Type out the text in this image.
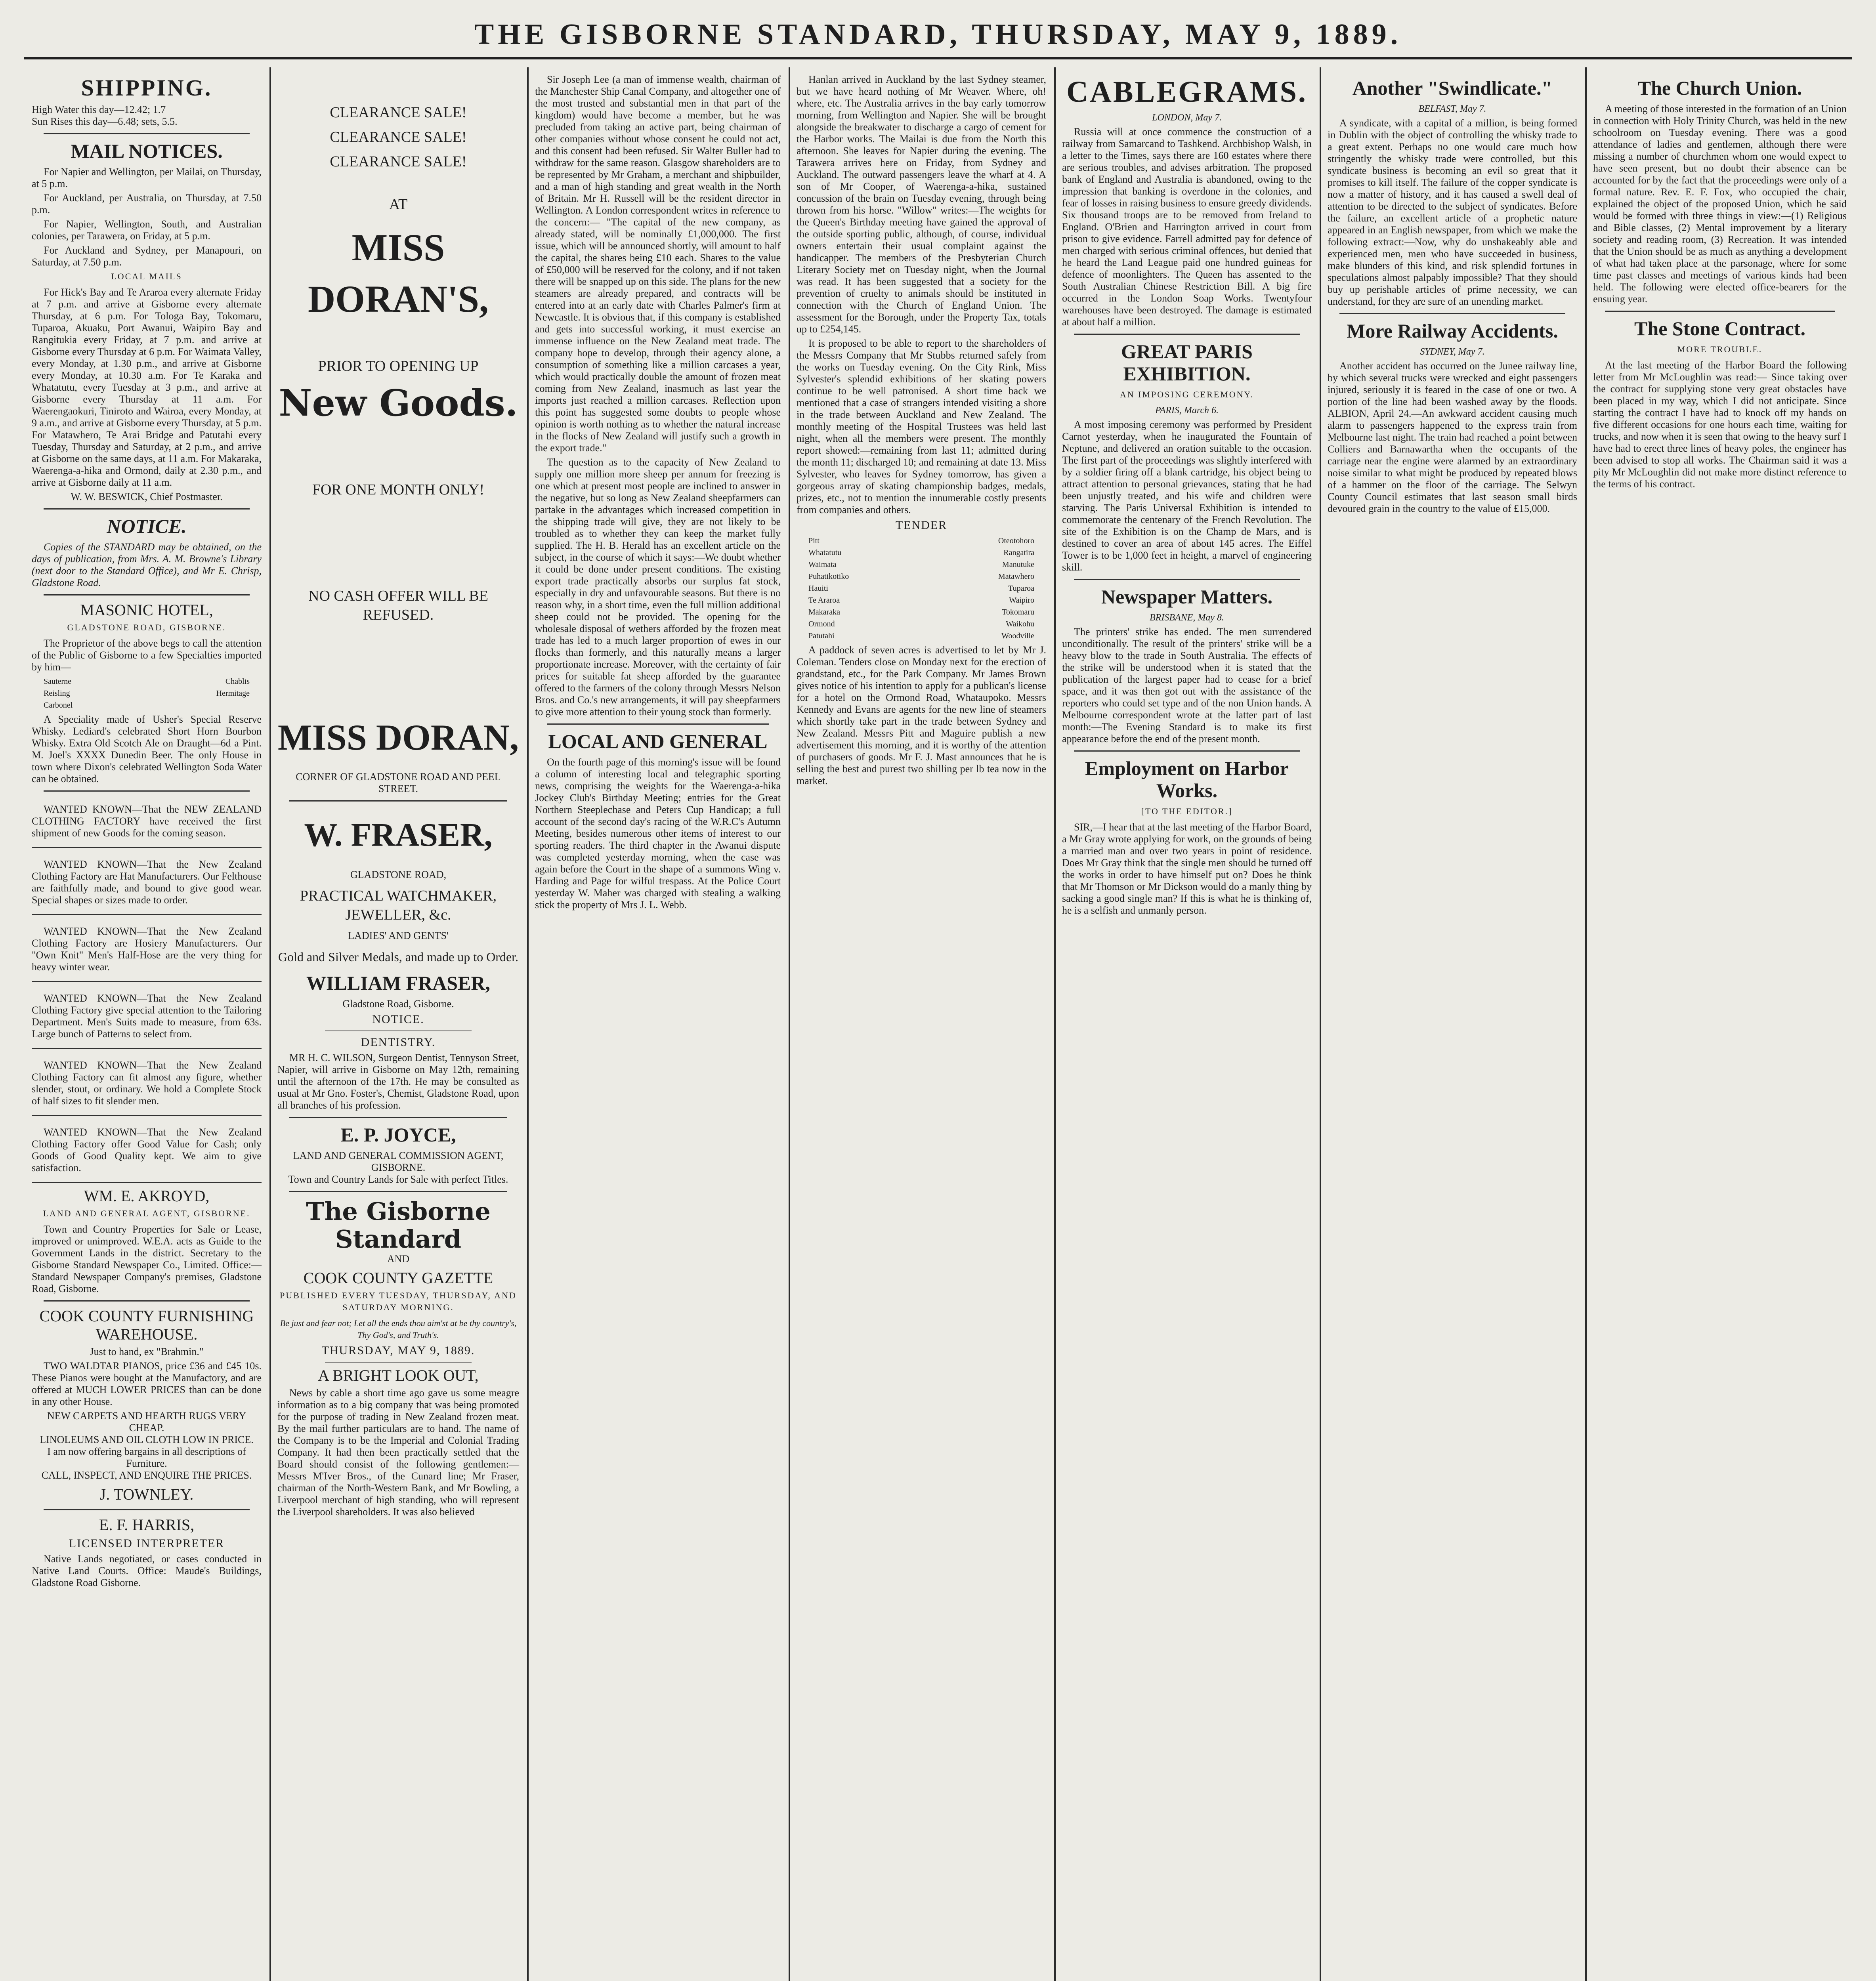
THE GISBORNE STANDARD, THURSDAY, MAY 9, 1889.
SHIPPING.
High Water this day—12.42; 1.7
Sun Rises this day—6.48; sets, 5.5.
MAIL NOTICES.

For Napier and Wellington, per Mailai, on Thursday, at 5 p.m.

For Auckland, per Australia, on Thursday, at 7.50 p.m.

For Napier, Wellington, South, and Australian colonies, per Tarawera, on Friday, at 5 p.m.

For Auckland and Sydney, per Manapouri, on Saturday, at 7.50 p.m.

LOCAL MAILS

For Hick's Bay and Te Araroa every alternate Friday at 7 p.m. and arrive at Gisborne every alternate Thursday, at 6 p.m. For Tologa Bay, Tokomaru, Tuparoa, Akuaku, Port Awanui, Waipiro Bay and Rangitukia every Friday, at 7 p.m. and arrive at Gisborne every Thursday at 6 p.m. For Waimata Valley, every Monday, at 1.30 p.m., and arrive at Gisborne every Monday, at 10.30 a.m. For Te Karaka and Whatatutu, every Tuesday at 3 p.m., and arrive at Gisborne every Thursday at 11 a.m. For Waerengaokuri, Tiniroto and Wairoa, every Monday, at 9 a.m., and arrive at Gisborne every Thursday, at 5 p.m. For Matawhero, Te Arai Bridge and Patutahi every Tuesday, Thursday and Saturday, at 2 p.m., and arrive at Gisborne on the same days, at 11 a.m. For Makaraka, Waerenga-a-hika and Ormond, daily at 2.30 p.m., and arrive at Gisborne daily at 11 a.m.

W. W. BESWICK, Chief Postmaster.
NOTICE.

Copies of the STANDARD may be obtained, on the days of publication, from Mrs. A. M. Browne's Library (next door to the Standard Office), and Mr E. Chrisp, Gladstone Road.

MASONIC HOTEL,
GLADSTONE ROAD, GISBORNE.

The Proprietor of the above begs to call the attention of the Public of Gisborne to a few Specialties imported by him—

Sauterne	Chablis
Reisling	Hermitage
Carbonel

A Speciality made of Usher's Special Reserve Whisky. Lediard's celebrated Short Horn Bourbon Whisky. Extra Old Scotch Ale on Draught—6d a Pint. M. Joel's XXXX Dunedin Beer. The only House in town where Dixon's celebrated Wellington Soda Water can be obtained.

WANTED KNOWN—That the NEW ZEALAND CLOTHING FACTORY have received the first shipment of new Goods for the coming season.

WANTED KNOWN—That the New Zealand Clothing Factory are Hat Manufacturers. Our Felthouse are faithfully made, and bound to give good wear. Special shapes or sizes made to order.

WANTED KNOWN—That the New Zealand Clothing Factory are Hosiery Manufacturers. Our "Own Knit" Men's Half-Hose are the very thing for heavy winter wear.

WANTED KNOWN—That the New Zealand Clothing Factory give special attention to the Tailoring Department. Men's Suits made to measure, from 63s. Large bunch of Patterns to select from.

WANTED KNOWN—That the New Zealand Clothing Factory can fit almost any figure, whether slender, stout, or ordinary. We hold a Complete Stock of half sizes to fit slender men.

WANTED KNOWN—That the New Zealand Clothing Factory offer Good Value for Cash; only Goods of Good Quality kept. We aim to give satisfaction.

WM. E. AKROYD,
LAND AND GENERAL AGENT, GISBORNE.

Town and Country Properties for Sale or Lease, improved or unimproved. W.E.A. acts as Guide to the Government Lands in the district. Secretary to the Gisborne Standard Newspaper Co., Limited. Office:—Standard Newspaper Company's premises, Gladstone Road, Gisborne.

COOK COUNTY FURNISHING WAREHOUSE.
Just to hand, ex "Brahmin."

TWO WALDTAR PIANOS, price £36 and £45 10s. These Pianos were bought at the Manufactory, and are offered at MUCH LOWER PRICES than can be done in any other House.

NEW CARPETS AND HEARTH RUGS VERY CHEAP.
LINOLEUMS AND OIL CLOTH LOW IN PRICE.
I am now offering bargains in all descriptions of Furniture.
CALL, INSPECT, AND ENQUIRE THE PRICES.
J. TOWNLEY.
E. F. HARRIS,
LICENSED INTERPRETER

Native Lands negotiated, or cases conducted in Native Land Courts. Office: Maude's Buildings, Gladstone Road Gisborne.

CLEARANCE SALE!
CLEARANCE SALE!
CLEARANCE SALE!
AT
MISS DORAN'S,
PRIOR TO OPENING UP
New Goods.
FOR ONE MONTH ONLY!
NO CASH OFFER WILL BE REFUSED.
MISS DORAN,
CORNER OF GLADSTONE ROAD AND PEEL STREET.
W. FRASER,
GLADSTONE ROAD,
PRACTICAL WATCHMAKER, JEWELLER, &c.
LADIES' AND GENTS'
Gold and Silver Medals, and made up to Order.
WILLIAM FRASER,
Gladstone Road, Gisborne.
NOTICE.
DENTISTRY.

MR H. C. WILSON, Surgeon Dentist, Tennyson Street, Napier, will arrive in Gisborne on May 12th, remaining until the afternoon of the 17th. He may be consulted as usual at Mr Gno. Foster's, Chemist, Gladstone Road, upon all branches of his profession.

E. P. JOYCE,
LAND AND GENERAL COMMISSION AGENT, GISBORNE.
Town and Country Lands for Sale with perfect Titles.
The Gisborne Standard
AND
COOK COUNTY GAZETTE
PUBLISHED EVERY TUESDAY, THURSDAY, AND SATURDAY MORNING.
Be just and fear not; Let all the ends thou aim'st at be thy country's, Thy God's, and Truth's.
THURSDAY, MAY 9, 1889.
A BRIGHT LOOK OUT,

News by cable a short time ago gave us some meagre information as to a big company that was being promoted for the purpose of trading in New Zealand frozen meat. By the mail further particulars are to hand. The name of the Company is to be the Imperial and Colonial Trading Company. It had then been practically settled that the Board should consist of the following gentlemen:—Messrs M'Iver Bros., of the Cunard line; Mr Fraser, chairman of the North-Western Bank, and Mr Bowling, a Liverpool merchant of high standing, who will represent the Liverpool shareholders. It was also believed

Sir Joseph Lee (a man of immense wealth, chairman of the Manchester Ship Canal Company, and altogether one of the most trusted and substantial men in that part of the kingdom) would have become a member, but he was precluded from taking an active part, being chairman of other companies without whose consent he could not act, and this consent had been refused. Sir Walter Buller had to withdraw for the same reason. Glasgow shareholders are to be represented by Mr Graham, a merchant and shipbuilder, and a man of high standing and great wealth in the North of Britain. Mr H. Russell will be the resident director in Wellington. A London correspondent writes in reference to the concern:— "The capital of the new company, as already stated, will be nominally £1,000,000. The first issue, which will be announced shortly, will amount to half the capital, the shares being £10 each. Shares to the value of £50,000 will be reserved for the colony, and if not taken there will be snapped up on this side. The plans for the new steamers are already prepared, and contracts will be entered into at an early date with Charles Palmer's firm at Newcastle. It is obvious that, if this company is established and gets into successful working, it must exercise an immense influence on the New Zealand meat trade. The company hope to develop, through their agency alone, a consumption of something like a million carcases a year, which would practically double the amount of frozen meat coming from New Zealand, inasmuch as last year the imports just reached a million carcases. Reflection upon this point has suggested some doubts to people whose opinion is worth nothing as to whether the natural increase in the flocks of New Zealand will justify such a growth in the export trade."

The question as to the capacity of New Zealand to supply one million more sheep per annum for freezing is one which at present most people are inclined to answer in the negative, but so long as New Zealand sheepfarmers can partake in the advantages which increased competition in the shipping trade will give, they are not likely to be troubled as to whether they can keep the market fully supplied. The H. B. Herald has an excellent article on the subject, in the course of which it says:—We doubt whether it could be done under present conditions. The existing export trade practically absorbs our surplus fat stock, especially in dry and unfavourable seasons. But there is no reason why, in a short time, even the full million additional sheep could not be provided. The opening for the wholesale disposal of wethers afforded by the frozen meat trade has led to a much larger proportion of ewes in our flocks than formerly, and this naturally means a larger proportionate increase. Moreover, with the certainty of fair prices for suitable fat sheep afforded by the guarantee offered to the farmers of the colony through Messrs Nelson Bros. and Co.'s new arrangements, it will pay sheepfarmers to give more attention to their young stock than formerly.

LOCAL AND GENERAL

On the fourth page of this morning's issue will be found a column of interesting local and telegraphic sporting news, comprising the weights for the Waerenga-a-hika Jockey Club's Birthday Meeting; entries for the Great Northern Steeplechase and Peters Cup Handicap; a full account of the second day's racing of the W.R.C's Autumn Meeting, besides numerous other items of interest to our sporting readers. The third chapter in the Awanui dispute was completed yesterday morning, when the case was again before the Court in the shape of a summons Wing v. Harding and Page for wilful trespass. At the Police Court yesterday W. Maher was charged with stealing a walking stick the property of Mrs J. L. Webb.

Hanlan arrived in Auckland by the last Sydney steamer, but we have heard nothing of Mr Weaver. Where, oh! where, etc. The Australia arrives in the bay early tomorrow morning, from Wellington and Napier. She will be brought alongside the breakwater to discharge a cargo of cement for the Harbor works. The Mailai is due from the North this afternoon. She leaves for Napier during the evening. The Tarawera arrives here on Friday, from Sydney and Auckland. The outward passengers leave the wharf at 4. A son of Mr Cooper, of Waerenga-a-hika, sustained concussion of the brain on Tuesday evening, through being thrown from his horse. "Willow" writes:—The weights for the Queen's Birthday meeting have gained the approval of the outside sporting public, although, of course, individual owners entertain their usual complaint against the handicapper. The members of the Presbyterian Church Literary Society met on Tuesday night, when the Journal was read. It has been suggested that a society for the prevention of cruelty to animals should be instituted in connection with the Church of England Union. The assessment for the Borough, under the Property Tax, totals up to £254,145.

It is proposed to be able to report to the shareholders of the Messrs Company that Mr Stubbs returned safely from the works on Tuesday evening. On the City Rink, Miss Sylvester's splendid exhibitions of her skating powers continue to be well patronised. A short time back we mentioned that a case of strangers intended visiting a shore in the trade between Auckland and New Zealand. The monthly meeting of the Hospital Trustees was held last night, when all the members were present. The monthly report showed:—remaining from last 11; admitted during the month 11; discharged 10; and remaining at date 13. Miss Sylvester, who leaves for Sydney tomorrow, has given a gorgeous array of skating championship badges, medals, prizes, etc., not to mention the innumerable costly presents from companies and others.

TENDER
Pitt	Oteotohoro
Whatatutu	Rangatira
Waimata	Manutuke
Puhatikotiko	Matawhero
Hauiti	Tuparoa
Te Araroa	Waipiro
Makaraka	Tokomaru
Ormond	Waikohu
Patutahi	Woodville

A paddock of seven acres is advertised to let by Mr J. Coleman. Tenders close on Monday next for the erection of grandstand, etc., for the Park Company. Mr James Brown gives notice of his intention to apply for a publican's license for a hotel on the Ormond Road, Whataupoko. Messrs Kennedy and Evans are agents for the new line of steamers which shortly take part in the trade between Sydney and New Zealand. Messrs Pitt and Maguire publish a new advertisement this morning, and it is worthy of the attention of purchasers of goods. Mr F. J. Mast announces that he is selling the best and purest two shilling per lb tea now in the market.

CABLEGRAMS.
LONDON, May 7.

Russia will at once commence the construction of a railway from Samarcand to Tashkend. Archbishop Walsh, in a letter to the Times, says there are 160 estates where there are serious troubles, and advises arbitration. The proposed bank of England and Australia is abandoned, owing to the impression that banking is overdone in the colonies, and fear of losses in raising business to ensure greedy dividends. Six thousand troops are to be removed from Ireland to England. O'Brien and Harrington arrived in court from prison to give evidence. Farrell admitted pay for defence of men charged with serious criminal offences, but denied that he heard the Land League paid one hundred guineas for defence of moonlighters. The Queen has assented to the South Australian Chinese Restriction Bill. A big fire occurred in the London Soap Works. Twentyfour warehouses have been destroyed. The damage is estimated at about half a million.

GREAT PARIS EXHIBITION.
AN IMPOSING CEREMONY.
PARIS, March 6.

A most imposing ceremony was performed by President Carnot yesterday, when he inaugurated the Fountain of Neptune, and delivered an oration suitable to the occasion. The first part of the proceedings was slightly interfered with by a soldier firing off a blank cartridge, his object being to attract attention to personal grievances, stating that he had been unjustly treated, and his wife and children were starving. The Paris Universal Exhibition is intended to commemorate the centenary of the French Revolution. The site of the Exhibition is on the Champ de Mars, and is destined to cover an area of about 145 acres. The Eiffel Tower is to be 1,000 feet in height, a marvel of engineering skill.

Newspaper Matters.
BRISBANE, May 8.

The printers' strike has ended. The men surrendered unconditionally. The result of the printers' strike will be a heavy blow to the trade in South Australia. The effects of the strike will be understood when it is stated that the publication of the largest paper had to cease for a brief space, and it was then got out with the assistance of the reporters who could set type and of the non Union hands. A Melbourne correspondent wrote at the latter part of last month:—The Evening Standard is to make its first appearance before the end of the present month.

Employment on Harbor Works.
[TO THE EDITOR.]

SIR,—I hear that at the last meeting of the Harbor Board, a Mr Gray wrote applying for work, on the grounds of being a married man and over two years in point of residence. Does Mr Gray think that the single men should be turned off the works in order to have himself put on? Does he think that Mr Thomson or Mr Dickson would do a manly thing by sacking a good single man? If this is what he is thinking of, he is a selfish and unmanly person.

Another "Swindlicate."
BELFAST, May 7.

A syndicate, with a capital of a million, is being formed in Dublin with the object of controlling the whisky trade to a great extent. Perhaps no one would care much how stringently the whisky trade were controlled, but this syndicate business is becoming an evil so great that it promises to kill itself. The failure of the copper syndicate is now a matter of history, and it has caused a swell deal of attention to be directed to the subject of syndicates. Before the failure, an excellent article of a prophetic nature appeared in an English newspaper, from which we make the following extract:—Now, why do unshakeably able and experienced men, men who have succeeded in business, make blunders of this kind, and risk splendid fortunes in speculations almost palpably impossible? That they should buy up perishable articles of prime necessity, we can understand, for they are sure of an unending market.

More Railway Accidents.
SYDNEY, May 7.

Another accident has occurred on the Junee railway line, by which several trucks were wrecked and eight passengers injured, seriously it is feared in the case of one or two. A portion of the line had been washed away by the floods. ALBION, April 24.—An awkward accident causing much alarm to passengers happened to the express train from Melbourne last night. The train had reached a point between Colliers and Barnawartha when the occupants of the carriage near the engine were alarmed by an extraordinary noise similar to what might be produced by repeated blows of a hammer on the floor of the carriage. The Selwyn County Council estimates that last season small birds devoured grain in the country to the value of £15,000.

The Church Union.

A meeting of those interested in the formation of an Union in connection with Holy Trinity Church, was held in the new schoolroom on Tuesday evening. There was a good attendance of ladies and gentlemen, although there were missing a number of churchmen whom one would expect to have seen present, but no doubt their absence can be accounted for by the fact that the proceedings were only of a formal nature. Rev. E. F. Fox, who occupied the chair, explained the object of the proposed Union, which he said would be formed with three things in view:—(1) Religious and Bible classes, (2) Mental improvement by a literary society and reading room, (3) Recreation. It was intended that the Union should be as much as anything a development of what had taken place at the parsonage, where for some time past classes and meetings of various kinds had been held. The following were elected office-bearers for the ensuing year.

The Stone Contract.
MORE TROUBLE.

At the last meeting of the Harbor Board the following letter from Mr McLoughlin was read:— Since taking over the contract for supplying stone very great obstacles have been placed in my way, which I did not anticipate. Since starting the contract I have had to knock off my hands on five different occasions for one hours each time, waiting for trucks, and now when it is seen that owing to the heavy surf I have had to erect three lines of heavy poles, the engineer has been advised to stop all works. The Chairman said it was a pity Mr McLoughlin did not make more distinct reference to the terms of his contract.
